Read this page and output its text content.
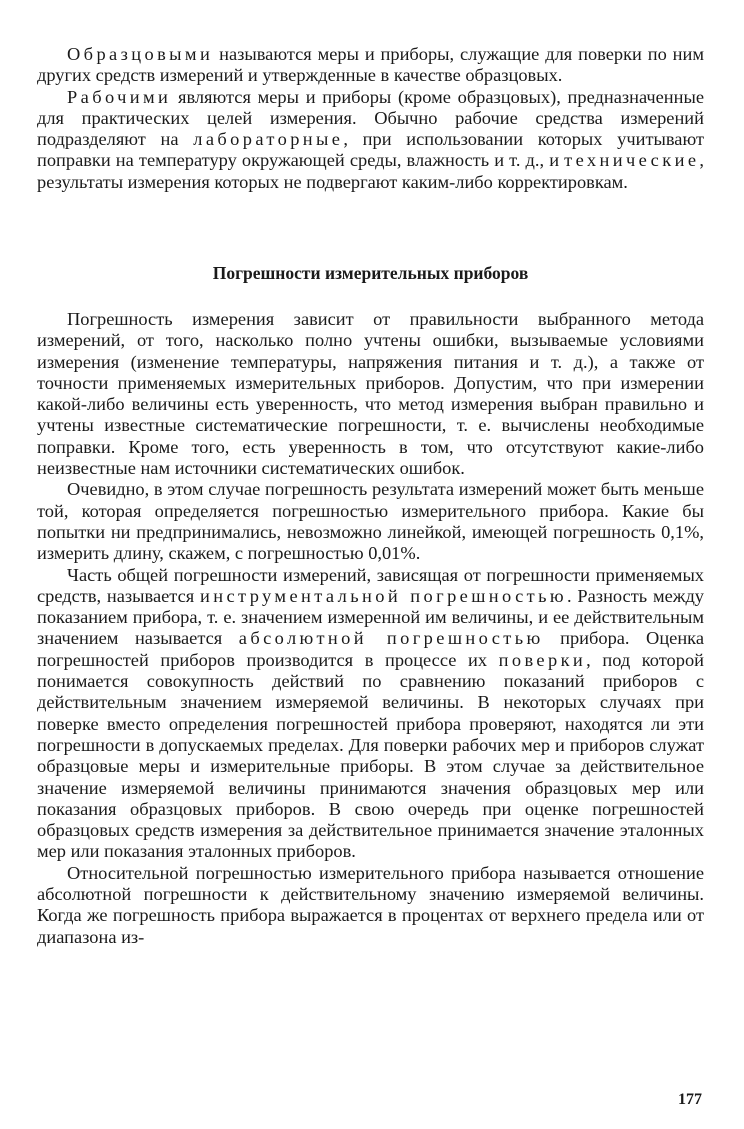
Образцовыми называются меры и приборы, служащие для поверки по ним других средств измерений и утвержденные в качестве образцовых.

Рабочими являются меры и приборы (кроме образцовых), предназначенные для практических целей измерения. Обычно рабочие средства измерений подразделяют на лабораторные, при использовании которых учитывают поправки на температуру окружающей среды, влажность и т. д., и технические, результаты измерения которых не подвергают каким-либо корректировкам.

Погрешности измерительных приборов

Погрешность измерения зависит от правильности выбранного метода измерений, от того, насколько полно учтены ошибки, вызываемые условиями измерения (изменение температуры, напряжения питания и т. д.), а также от точности применяемых измерительных приборов. Допустим, что при измерении какой-либо величины есть уверенность, что метод измерения выбран правильно и учтены известные систематические погрешности, т. е. вычислены необходимые поправки. Кроме того, есть уверенность в том, что отсутствуют какие-либо неизвестные нам источники систематических ошибок.

Очевидно, в этом случае погрешность результата измерений может быть меньше той, которая определяется погрешностью измерительного прибора. Какие бы попытки ни предпринимались, невозможно линейкой, имеющей погрешность 0,1%, измерить длину, скажем, с погрешностью 0,01%.

Часть общей погрешности измерений, зависящая от погрешности применяемых средств, называется инструментальной погрешностью. Разность между показанием прибора, т. е. значением измеренной им величины, и ее действительным значением называется абсолютной погрешностью прибора. Оценка погрешностей приборов производится в процессе их поверки, под которой понимается совокупность действий по сравнению показаний приборов с действительным значением измеряемой величины. В некоторых случаях при поверке вместо определения погрешностей прибора проверяют, находятся ли эти погрешности в допускаемых пределах. Для поверки рабочих мер и приборов служат образцовые меры и измерительные приборы. В этом случае за действительное значение измеряемой величины принимаются значения образцовых мер или показания образцовых приборов. В свою очередь при оценке погрешностей образцовых средств измерения за действительное принимается значение эталонных мер или показания эталонных приборов.

Относительной погрешностью измерительного прибора называется отношение абсолютной погрешности к действительному значению измеряемой величины. Когда же погрешность прибора выражается в процентах от верхнего предела или от диапазона из-

177
